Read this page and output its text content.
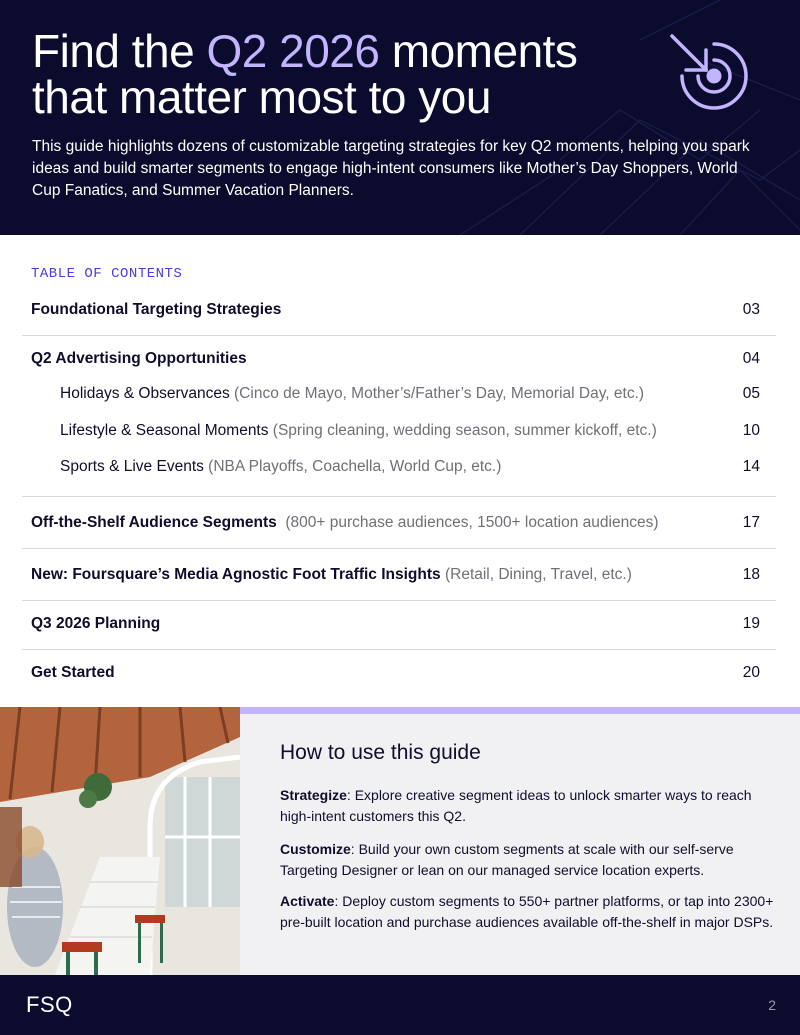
Find the Q2 2026 moments that matter most to you

This guide highlights dozens of customizable targeting strategies for key Q2 moments, helping you spark ideas and build smarter segments to engage high-intent consumers like Mother’s Day Shoppers, World Cup Fanatics, and Summer Vacation Planners.

TABLE OF CONTENTS
Foundational Targeting Strategies	03
Q2 Advertising Opportunities	04
Holidays & Observances (Cinco de Mayo, Mother’s/Father’s Day, Memorial Day, etc.)	05
Lifestyle & Seasonal Moments (Spring cleaning, wedding season, summer kickoff, etc.)	10
Sports & Live Events (NBA Playoffs, Coachella, World Cup, etc.)	14
Off-the-Shelf Audience Segments  (800+ purchase audiences, 1500+ location audiences)	17
New: Foursquare’s Media Agnostic Foot Traffic Insights (Retail, Dining, Travel, etc.)	18
Q3 2026 Planning	19
Get Started	20
How to use this guide
Strategize: Explore creative segment ideas to unlock smarter ways to reach high-intent customers this Q2.
Customize: Build your own custom segments at scale with our self-serve Targeting Designer or lean on our managed service location experts.
Activate: Deploy custom segments to 550+ partner platforms, or tap into 2300+ pre-built location and purchase audiences available off-the-shelf in major DSPs.
FSQ	2
